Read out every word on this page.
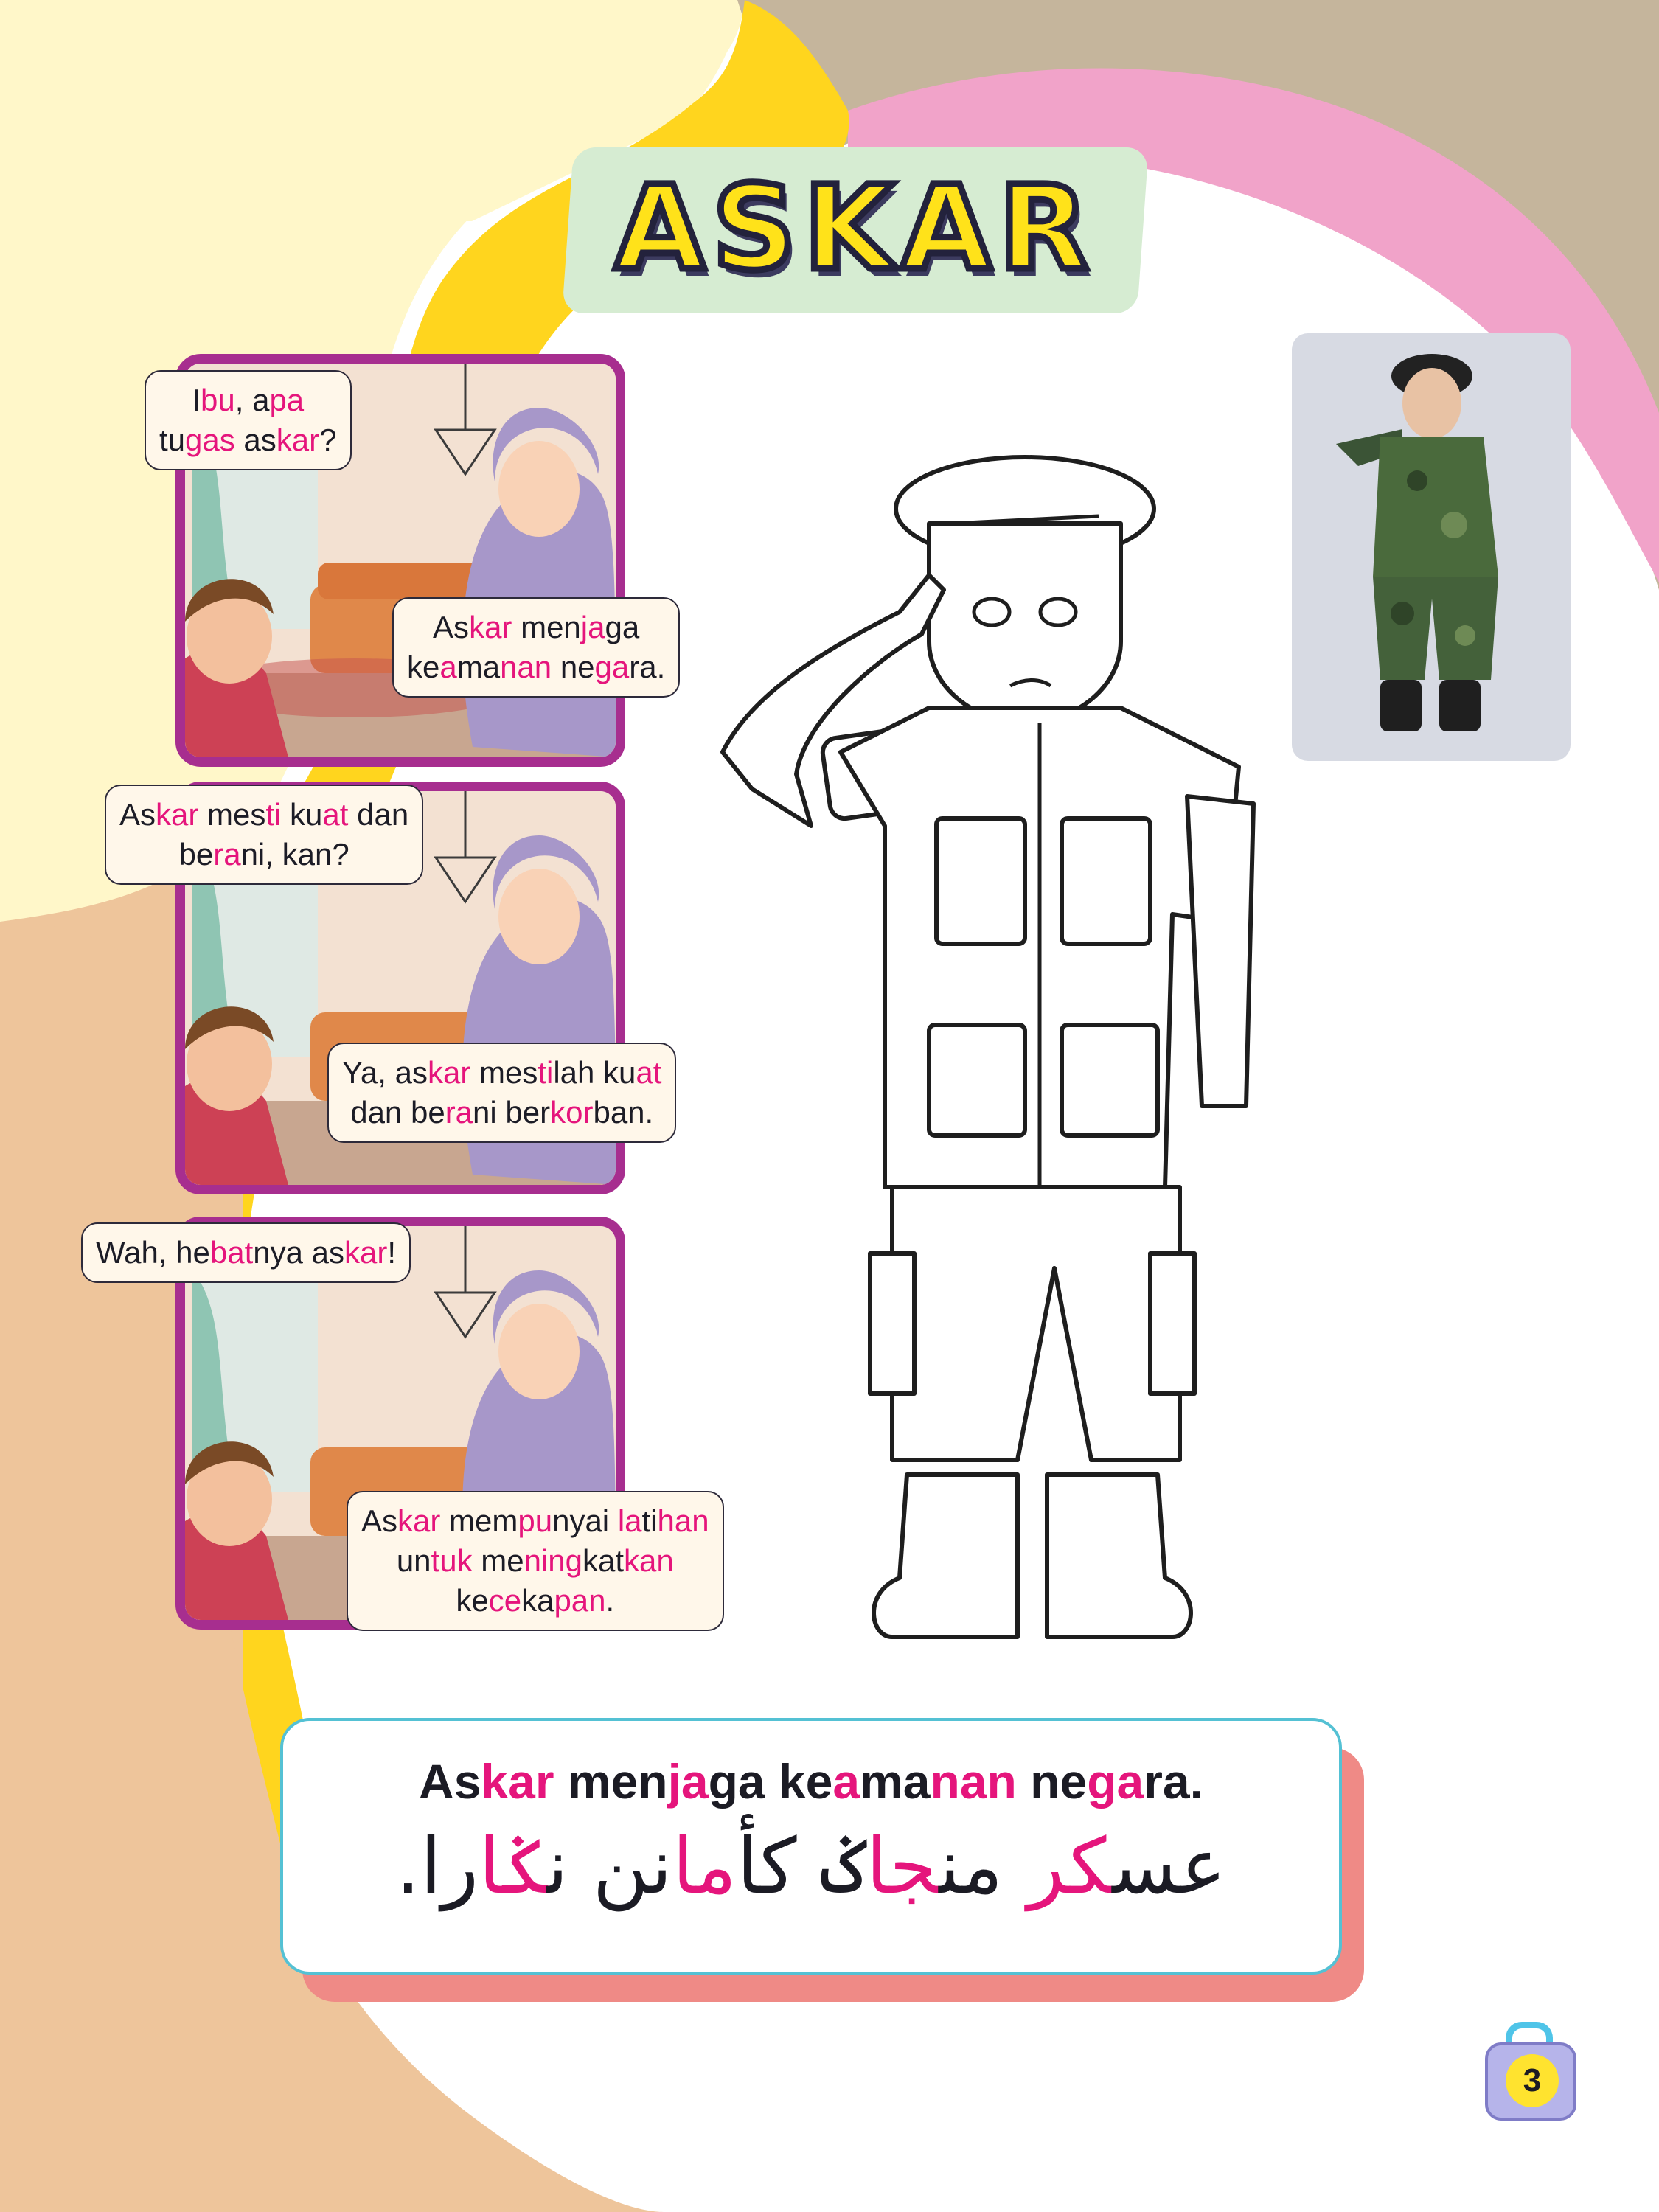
ASKAR
Ibu, apa
tugas askar?
Askar menjaga
keamanan negara.
Askar mesti kuat dan
berani, kan?
Ya, askar mestilah kuat
dan berani berkorban.
Wah, hebatnya askar!
Askar mempunyai latihan
untuk meningkatkan
kecekapan.
Askar menjaga keamanan negara.
عسكر منجاݢ کأمانن نݢارا.
3
